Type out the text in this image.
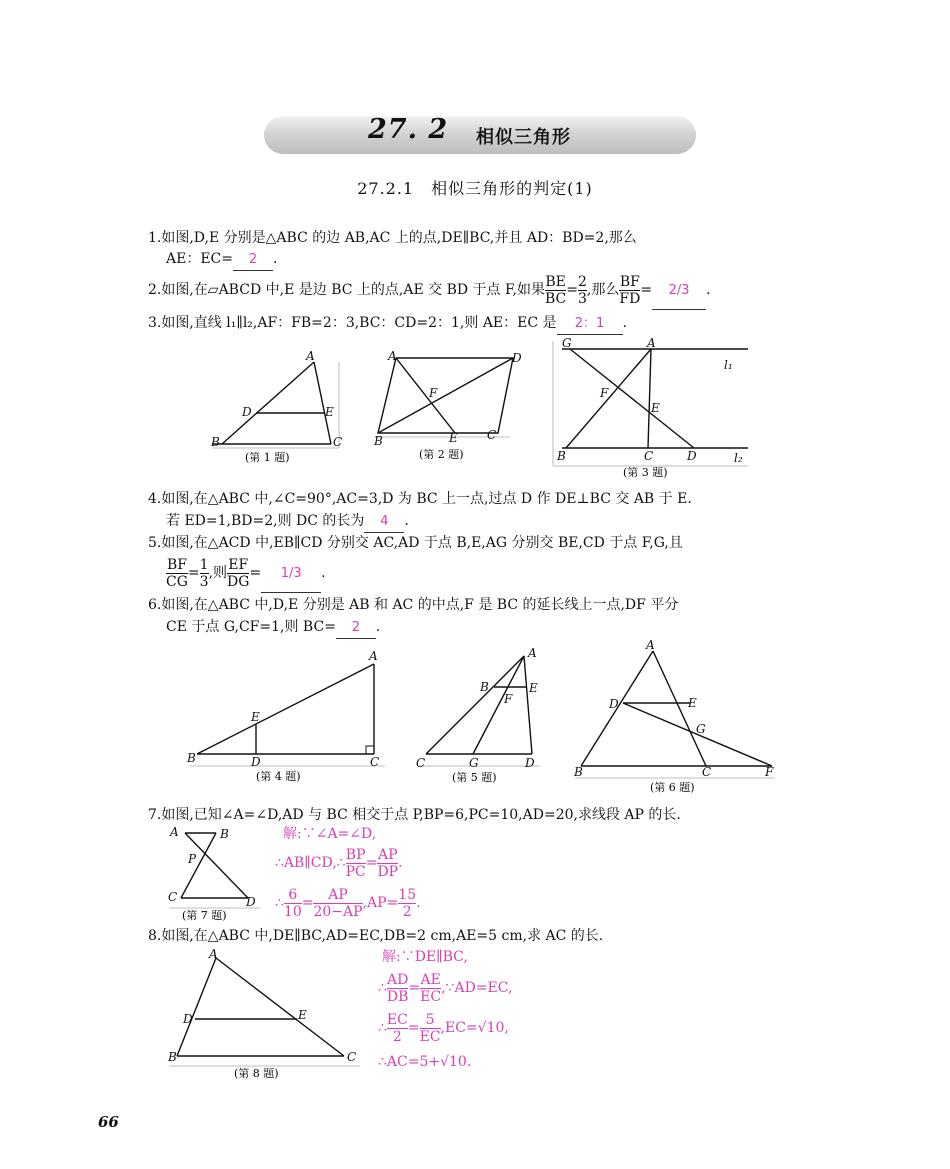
27. 2 相似三角形
27.2.1　相似三角形的判定(1)
1.如图,D,E 分别是△ABC 的边 AB,AC 上的点,DE∥BC,并且 AD：BD=2,那么
AE：EC= 2 .
2.如图,在▱ABCD 中,E 是边 BC 上的点,AE 交 BD 于点 F,如果 $\frac{BE}{BC} = \frac{2}{3}$ ,那么 $\frac{BF}{FD} = 2/3$ .
3.如图,直线 l₁∥l₂,AF：FB=2：3,BC：CD=2：1,则 AE：EC 是 2：1 .
A
D	E
B	C
(第 1 题)
A	D
F
B	E C
(第 2 题)
G	A
l₁
F
E
B	C	D	l₂
(第 3 题)
4.如图,在△ABC 中,∠C=90°,AC=3,D 为 BC 上一点,过点 D 作 DE⊥BC 交 AB 于 E.
若 ED=1,BD=2,则 DC 的长为 4 .
5.如图,在△ACD 中,EB∥CD 分别交 AC,AD 于点 B,E,AG 分别交 BE,CD 于点 F,G,且
$\frac{BF}{CG} = \frac{1}{3}$ ,则 $\frac{EF}{DG} = 1/3$ .
6.如图,在△ABC 中,D,E 分别是 AB 和 AC 的中点,F 是 BC 的延长线上一点,DF 平分
CE 于点 G,CF=1,则 BC= 2 .
A
E
D
B	C
(第 4 题)
A
B	E
F
C	G	D
(第 5 题)
A
D	E
G
B	C	F
(第 6 题)
7.如图,已知∠A=∠D,AD 与 BC 相交于点 P,BP=6,PC=10,AD=20,求线段 AP 的长.
A	B
P
C	D
(第 7 题)
解:∵∠A=∠D,
∴AB∥CD,∴ $\frac{BP}{PC} = \frac{AP}{DP}$ .
∴ $\frac{6}{10} = \frac{AP}{20-AP} ,AP= \frac{15}{2}$ .
8.如图,在△ABC 中,DE∥BC,AD=EC,DB=2 cm,AE=5 cm,求 AC 的长.
A
D	E
B	C
(第 8 题)
解:∵DE∥BC,
∴ $\frac{AD}{DB} = \frac{AE}{EC}$ ,∵AD=EC,
∴ $\frac{EC}{2} = \frac{5}{EC} ,EC=√10$,
∴AC=5+√10.
66
